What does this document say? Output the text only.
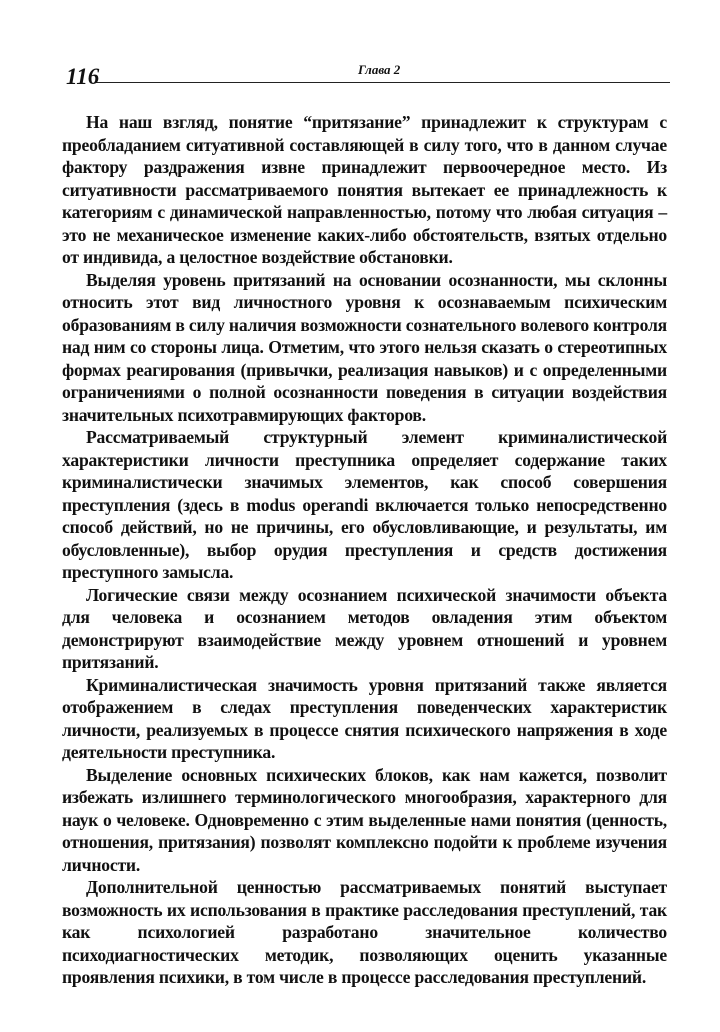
116	Глава 2

На наш взгляд, понятие “притязание” принадлежит к структурам с преобладанием ситуативной составляющей в силу того, что в данном случае фактору раздражения извне принадлежит первоочередное место. Из ситуативности рассматриваемого понятия вытекает ее принадлежность к категориям с динамической направленностью, потому что любая ситуация – это не механическое изменение каких-либо обстоятельств, взятых отдельно от индивида, а целостное воздействие обстановки.

Выделяя уровень притязаний на основании осознанности, мы склонны относить этот вид личностного уровня к осознаваемым психическим образованиям в силу наличия возможности сознательного волевого контроля над ним со стороны лица. Отметим, что этого нельзя сказать о стереотипных формах реагирования (привычки, реализация навыков) и с определенными ограничениями о полной осознанности поведения в ситуации воздействия значительных психотравмирующих факторов.

Рассматриваемый структурный элемент криминалистической характеристики личности преступника определяет содержание таких криминалистически значимых элементов, как способ совершения преступления (здесь в modus operandi включается только непосредственно способ действий, но не причины, его обусловливающие, и результаты, им обусловленные), выбор орудия преступления и средств достижения преступного замысла.

Логические связи между осознанием психической значимости объекта для человека и осознанием методов овладения этим объектом демонстрируют взаимодействие между уровнем отношений и уровнем притязаний.

Криминалистическая значимость уровня притязаний также является отображением в следах преступления поведенческих характеристик личности, реализуемых в процессе снятия психического напряжения в ходе деятельности преступника.

Выделение основных психических блоков, как нам кажется, позволит избежать излишнего терминологического многообразия, характерного для наук о человеке. Одновременно с этим выделенные нами понятия (ценность, отношения, притязания) позволят комплексно подойти к проблеме изучения личности.

Дополнительной ценностью рассматриваемых понятий выступает возможность их использования в практике расследования преступлений, так как психологией разработано значительное количество психодиагностических методик, позволяющих оценить указанные проявления психики, в том числе в процессе расследования преступлений.
